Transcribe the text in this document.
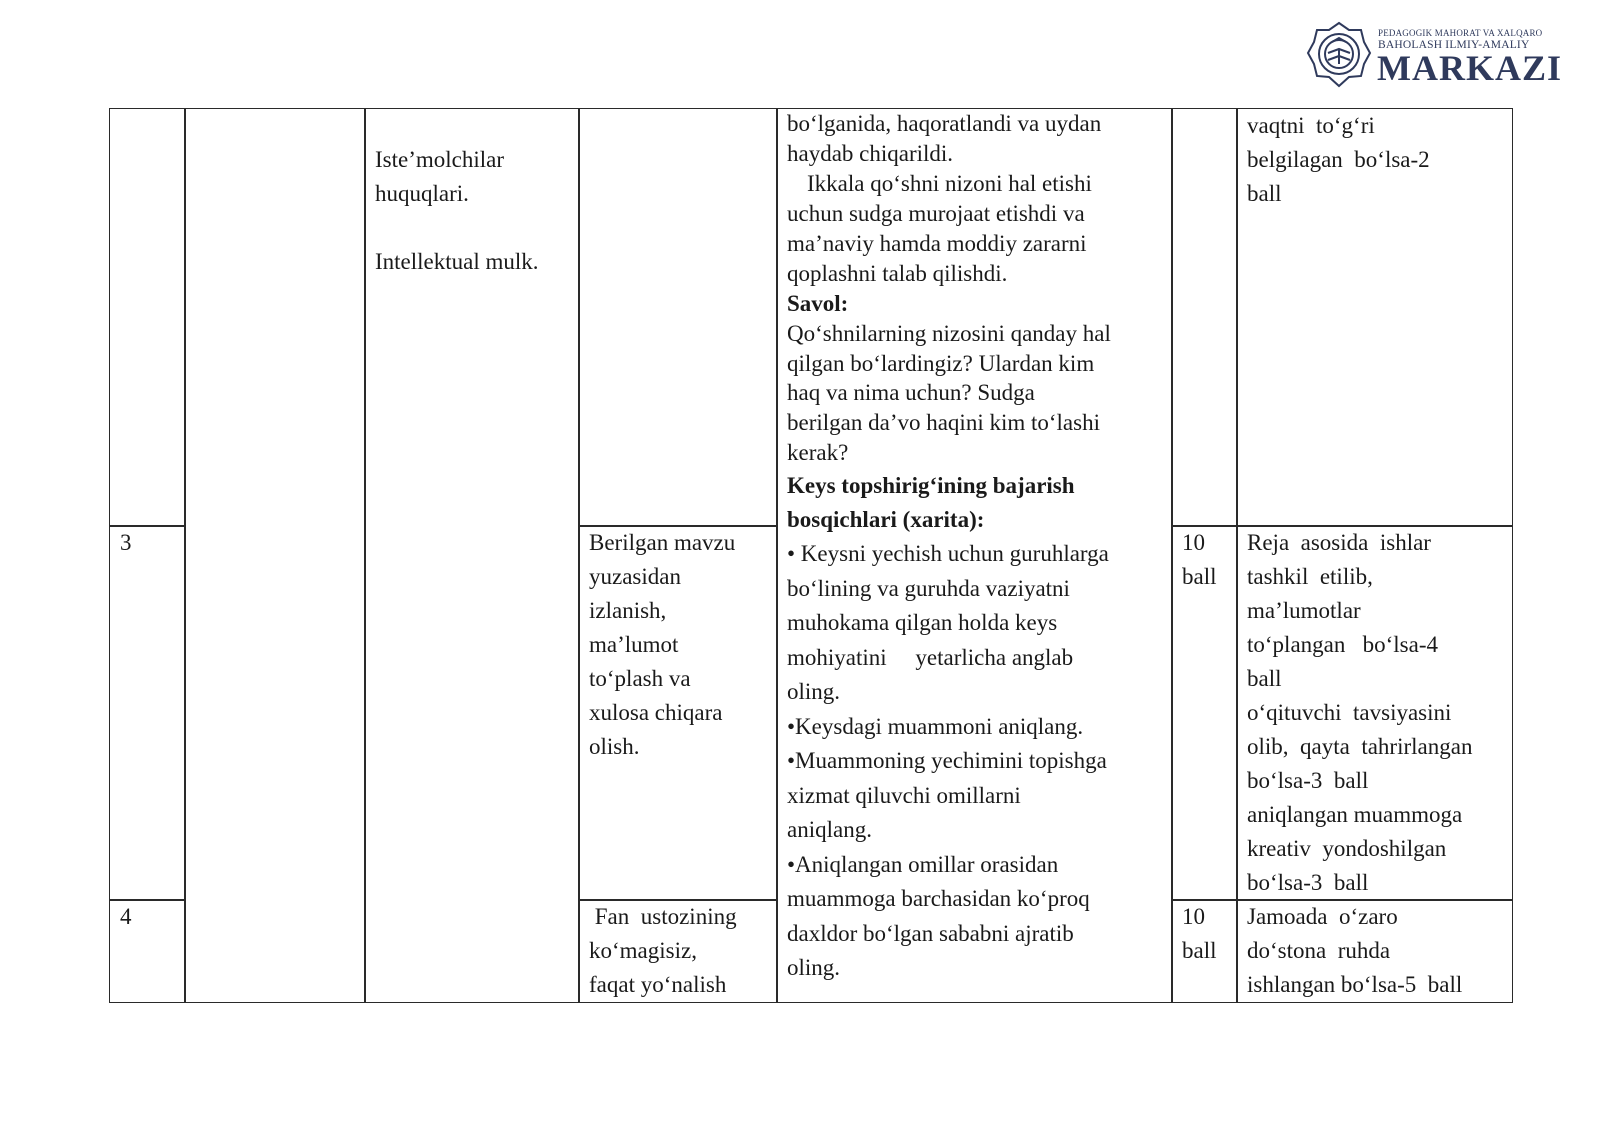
PEDAGOGIK MAHORAT VA XALQARO
BAHOLASH ILMIY-AMALIY
MARKAZI
3
4
Iste’molchilar
huquqlari.
Intellektual mulk.
Berilgan mavzu
yuzasidan
izlanish,
ma’lumot
to‘plash va
xulosa chiqara
olish.
Fan  ustozining
ko‘magisiz,
faqat yo‘nalish
bo‘lganida, haqoratlandi va uydan
haydab chiqarildi.
Ikkala qo‘shni nizoni hal etishi
uchun sudga murojaat etishdi va
ma’naviy hamda moddiy zararni
qoplashni talab qilishdi.
Savol:
Qo‘shnilarning nizosini qanday hal
qilgan bo‘lardingiz? Ulardan kim
haq va nima uchun? Sudga
berilgan da’vo haqini kim to‘lashi
kerak?
Keys topshirig‘ining bajarish
bosqichlari (xarita):
• Keysni yechish uchun guruhlarga
bo‘lining va guruhda vaziyatni
muhokama qilgan holda keys
mohiyatini     yetarlicha anglab
oling.
•Keysdagi muammoni aniqlang.
•Muammoning yechimini topishga
xizmat qiluvchi omillarni
aniqlang.
•Aniqlangan omillar orasidan
muammoga barchasidan ko‘proq
daxldor bo‘lgan sababni ajratib
oling.
10
ball
10
ball
vaqtni  to‘g‘ri
belgilagan  bo‘lsa-2
ball
Reja  asosida  ishlar
tashkil  etilib,
ma’lumotlar
to‘plangan   bo‘lsa-4
ball
o‘qituvchi  tavsiyasini
olib,  qayta  tahrirlangan
bo‘lsa-3  ball
aniqlangan muammoga
kreativ  yondoshilgan
bo‘lsa-3  ball
Jamoada  o‘zaro
do‘stona  ruhda
ishlangan bo‘lsa-5  ball
